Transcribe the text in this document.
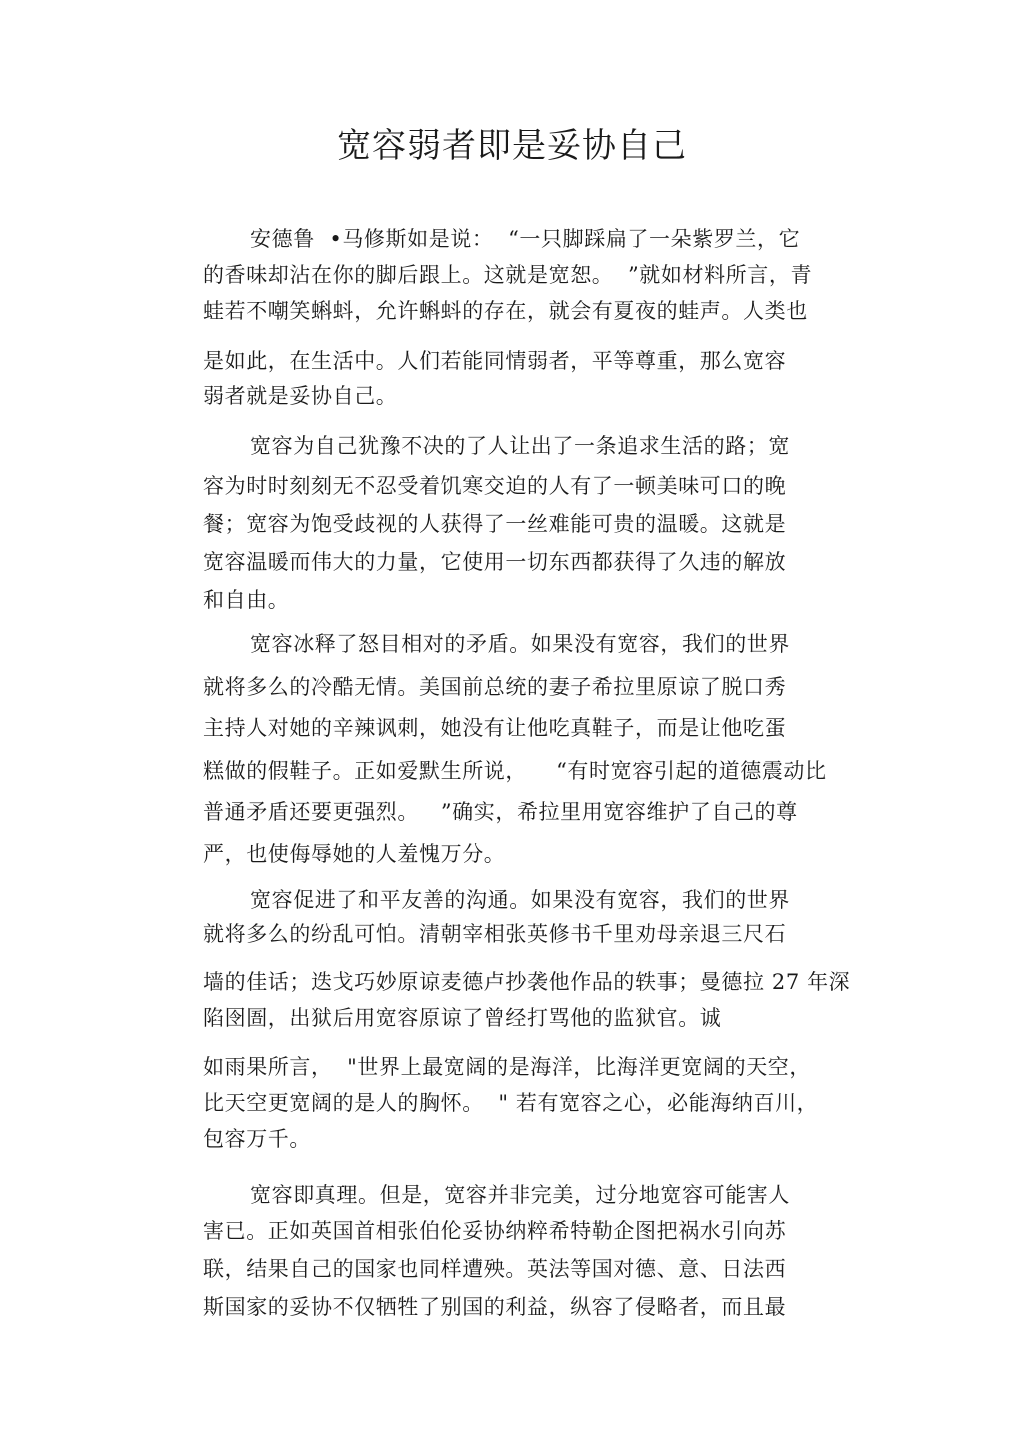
宽容弱者即是妥协自己
安德鲁  •马修斯如是说：  “一只脚踩扁了一朵紫罗兰，它
的香味却沾在你的脚后跟上。这就是宽恕。  ”就如材料所言，青
蛙若不嘲笑蝌蚪，允许蝌蚪的存在，就会有夏夜的蛙声。人类也
是如此，在生活中。人们若能同情弱者，平等尊重，那么宽容
弱者就是妥协自己。
宽容为自己犹豫不决的了人让出了一条追求生活的路；宽
容为时时刻刻无不忍受着饥寒交迫的人有了一顿美味可口的晚
餐；宽容为饱受歧视的人获得了一丝难能可贵的温暖。这就是
宽容温暖而伟大的力量，它使用一切东西都获得了久违的解放
和自由。
宽容冰释了怒目相对的矛盾。如果没有宽容，我们的世界
就将多么的冷酷无情。美国前总统的妻子希拉里原谅了脱口秀
主持人对她的辛辣讽刺，她没有让他吃真鞋子，而是让他吃蛋
糕做的假鞋子。正如爱默生所说，    “有时宽容引起的道德震动比
普通矛盾还要更强烈。   ”确实，希拉里用宽容维护了自己的尊
严，也使侮辱她的人羞愧万分。
宽容促进了和平友善的沟通。如果没有宽容，我们的世界
就将多么的纷乱可怕。清朝宰相张英修书千里劝母亲退三尺石
墙的佳话；迭戈巧妙原谅麦德卢抄袭他作品的轶事；曼德拉 27 年深
陷囹圄，出狱后用宽容原谅了曾经打骂他的监狱官。诚
如雨果所言，  "世界上最宽阔的是海洋，比海洋更宽阔的天空，
比天空更宽阔的是人的胸怀。  " 若有宽容之心，必能海纳百川，
包容万千。
宽容即真理。但是，宽容并非完美，过分地宽容可能害人
害已。正如英国首相张伯伦妥协纳粹希特勒企图把祸水引向苏
联，结果自己的国家也同样遭殃。英法等国对德、意、日法西
斯国家的妥协不仅牺牲了别国的利益，纵容了侵略者，而且最
